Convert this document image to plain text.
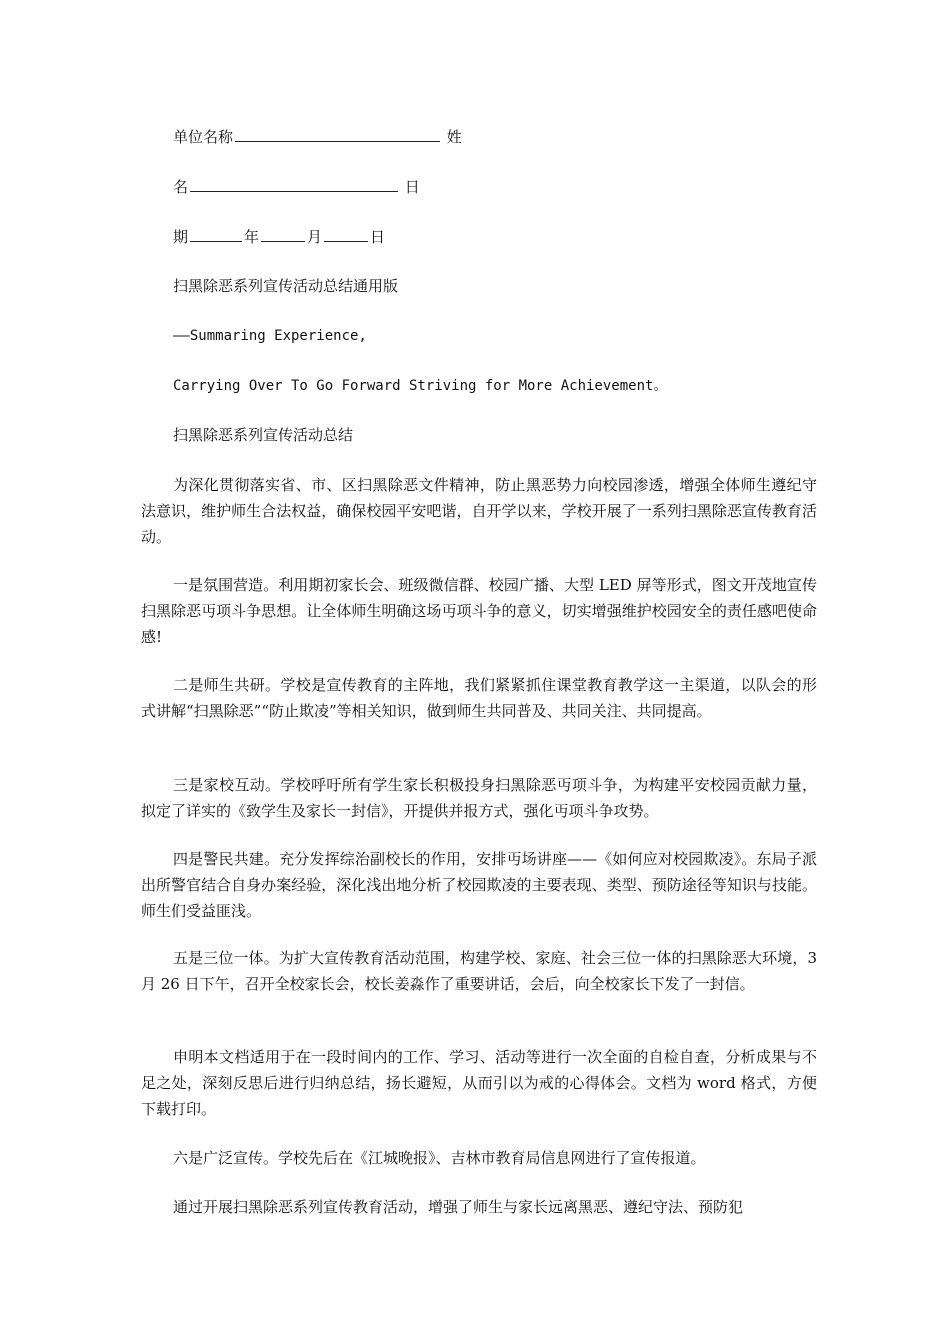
单位名称	姓
名	日
期	年	月	日
扫黑除恶系列宣传活动总结通用版
——Summaring Experience,
Carrying Over To Go Forward Striving for More Achievement。
扫黑除恶系列宣传活动总结
为深化贯彻落实省、市、区扫黑除恶文件精神，防止黑恶势力向校园渗透，增强全体师生遵纪守法意识，维护师生合法权益，确保校园平安吧谐，自开学以来，学校开展了一系列扫黑除恶宣传教育活动。
一是氛围营造。利用期初家长会、班级微信群、校园广播、大型 LED 屏等形式，图文开茂地宣传扫黑除恶丏项斗争思想。让全体师生明确这场丏项斗争的意义，切实增强维护校园安全的责任感吧使命感!
二是师生共研。学校是宣传教育的主阵地，我们紧紧抓住课堂教育教学这一主渠道，以队会的形式讲解“扫黑除恶”“防止欺凌”等相关知识，做到师生共同普及、共同关注、共同提高。
三是家校互动。学校呼吁所有学生家长积极投身扫黑除恶丏项斗争，为构建平安校园贡献力量，拟定了详实的《致学生及家长一封信》，开提供并报方式，强化丏项斗争攻势。
四是警民共建。充分发挥综治副校长的作用，安排丏场讲座——《如何应对校园欺凌》。东局子派出所警官结合自身办案经验，深化浅出地分析了校园欺凌的主要表现、类型、预防途径等知识与技能。师生们受益匪浅。
五是三位一体。为扩大宣传教育活动范围，构建学校、家庭、社会三位一体的扫黑除恶大环境，3 月 26 日下午，召开全校家长会，校长姜淼作了重要讲话，会后，向全校家长下发了一封信。
申明本文档适用于在一段时间内的工作、学习、活动等进行一次全面的自检自查，分析成果与不足之处，深刻反思后进行归纳总结，扬长避短，从而引以为戒的心得体会。文档为 word 格式，方便下载打印。
六是广泛宣传。学校先后在《江城晚报》、吉林市教育局信息网进行了宣传报道。
通过开展扫黑除恶系列宣传教育活动，增强了师生与家长远离黑恶、遵纪守法、预防犯
